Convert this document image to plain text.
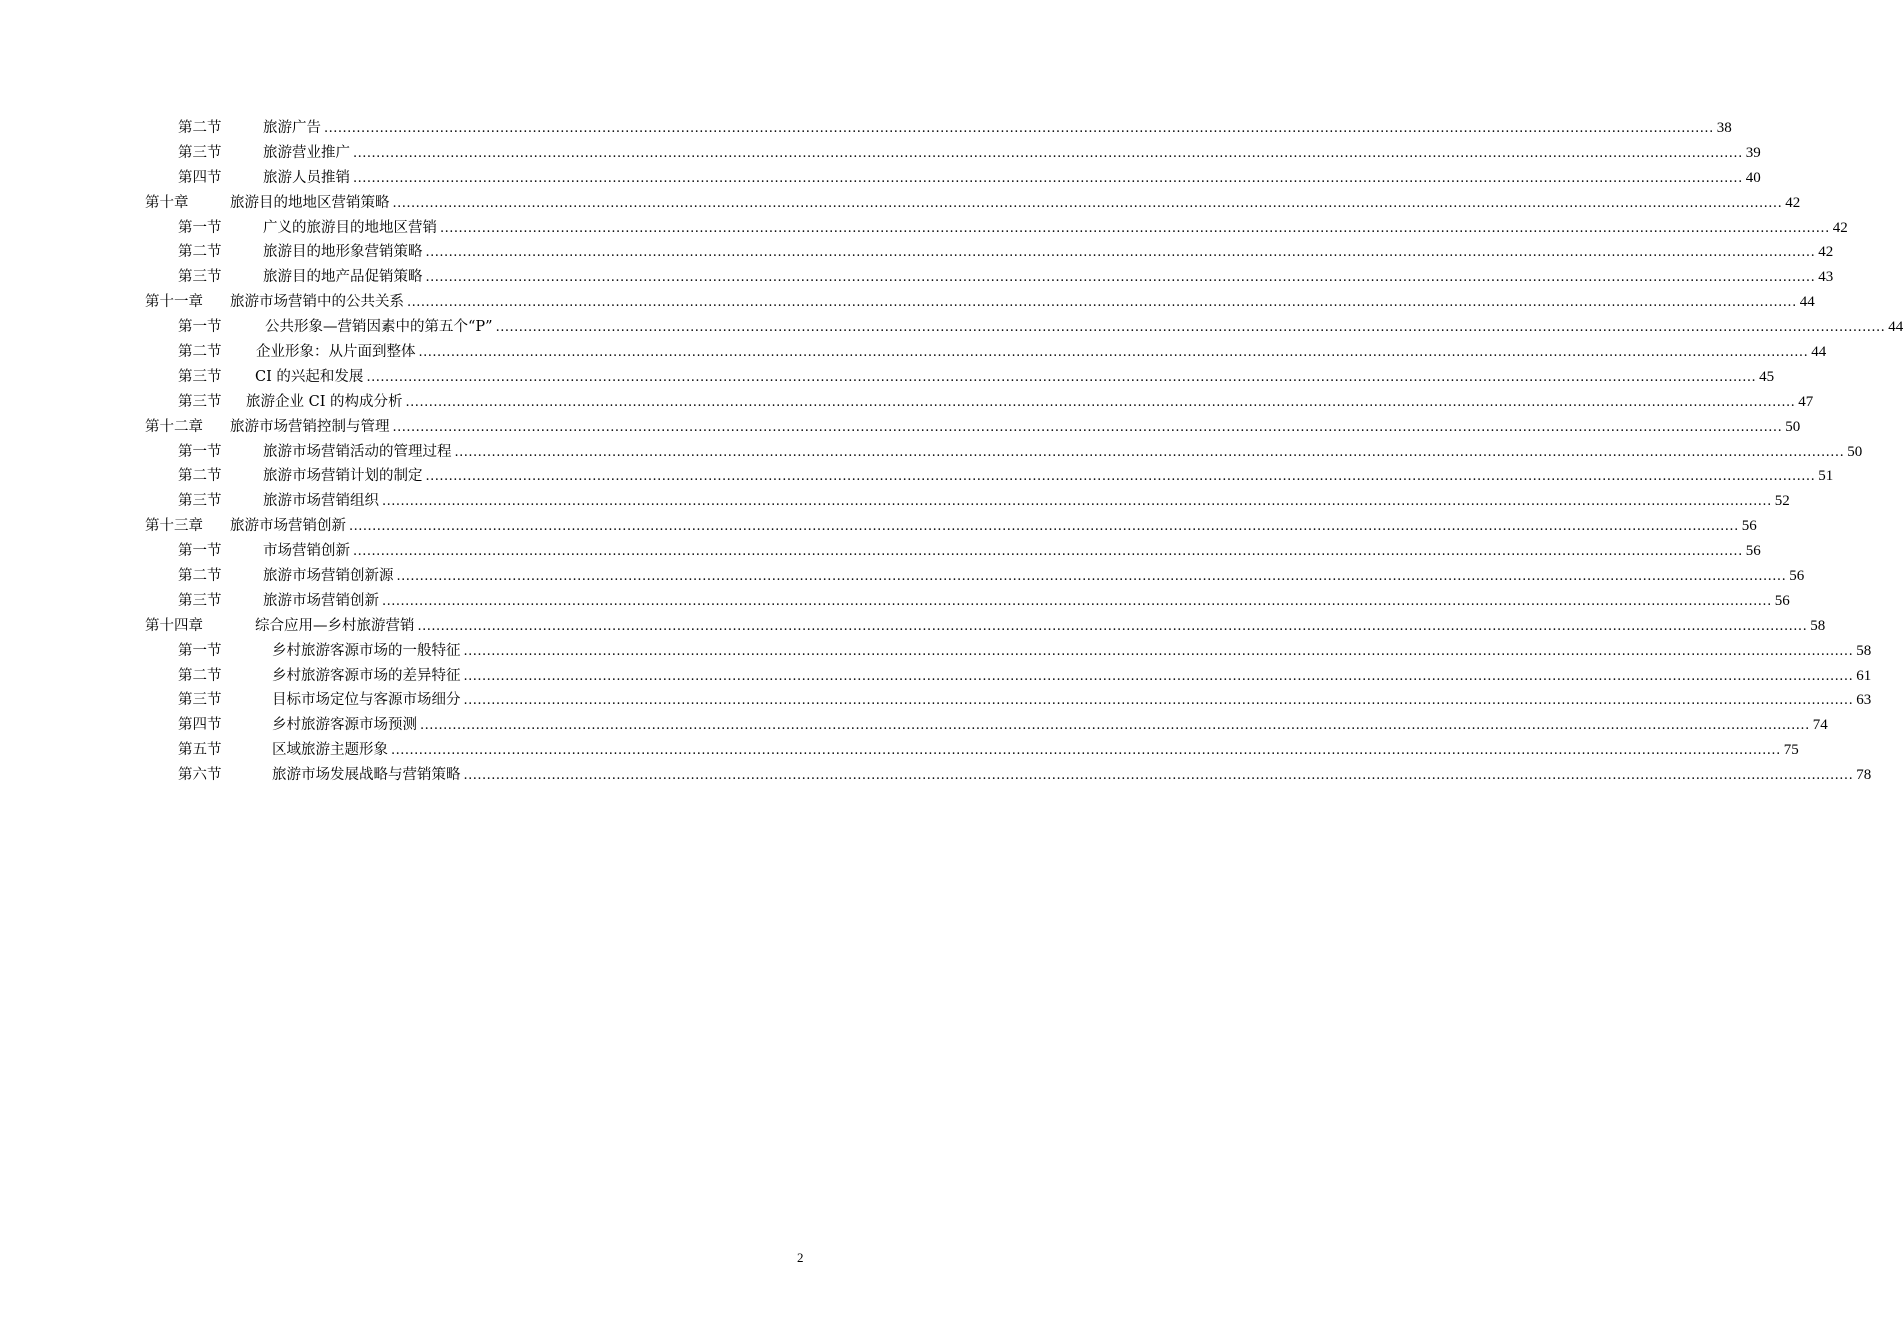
第二节	旅游广告 ............................................................................................................................................................................................................................................................................................................ 38
第三节	旅游营业推广 ............................................................................................................................................................................................................................................................................................................ 39
第四节	旅游人员推销 ............................................................................................................................................................................................................................................................................................................ 40
第十章	旅游目的地地区营销策略 ............................................................................................................................................................................................................................................................................................................ 42
第一节	广义的旅游目的地地区营销 ............................................................................................................................................................................................................................................................................................................ 42
第二节	旅游目的地形象营销策略 ............................................................................................................................................................................................................................................................................................................ 42
第三节	旅游目的地产品促销策略 ............................................................................................................................................................................................................................................................................................................ 43
第十一章 旅游市场营销中的公共关系 ............................................................................................................................................................................................................................................................................................................ 44
第一节	公共形象—营销因素中的第五个“P” ............................................................................................................................................................................................................................................................................................................ 44
第二节 企业形象：从片面到整体 ............................................................................................................................................................................................................................................................................................................ 44
第三节 CI 的兴起和发展 ............................................................................................................................................................................................................................................................................................................ 45
第三节 旅游企业 CI 的构成分析 ............................................................................................................................................................................................................................................................................................................ 47
第十二章 旅游市场营销控制与管理 ............................................................................................................................................................................................................................................................................................................ 50
第一节	旅游市场营销活动的管理过程 ............................................................................................................................................................................................................................................................................................................ 50
第二节	旅游市场营销计划的制定 ............................................................................................................................................................................................................................................................................................................ 51
第三节	旅游市场营销组织 ............................................................................................................................................................................................................................................................................................................ 52
第十三章 旅游市场营销创新 ............................................................................................................................................................................................................................................................................................................ 56
第一节	市场营销创新 ............................................................................................................................................................................................................................................................................................................ 56
第二节	旅游市场营销创新源 ............................................................................................................................................................................................................................................................................................................ 56
第三节	旅游市场营销创新 ............................................................................................................................................................................................................................................................................................................ 56
第十四章	综合应用—乡村旅游营销 ............................................................................................................................................................................................................................................................................................................ 58
第一节	乡村旅游客源市场的一般特征 ............................................................................................................................................................................................................................................................................................................ 58
第二节	乡村旅游客源市场的差异特征 ............................................................................................................................................................................................................................................................................................................ 61
第三节	目标市场定位与客源市场细分 ............................................................................................................................................................................................................................................................................................................ 63
第四节	乡村旅游客源市场预测 ............................................................................................................................................................................................................................................................................................................ 74
第五节	区域旅游主题形象 ............................................................................................................................................................................................................................................................................................................ 75
第六节	旅游市场发展战略与营销策略 ............................................................................................................................................................................................................................................................................................................ 78
2
